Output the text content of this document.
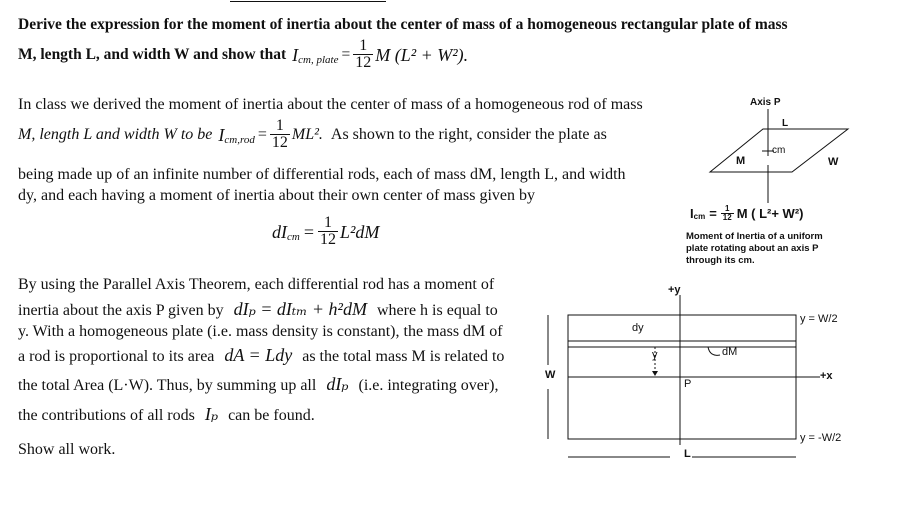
Derive the expression for the moment of inertia about the center of mass of a homogeneous rectangular plate of mass
M, length L, and width W and show that I cm, plate = $\frac{1}{12}$ M (L² + W²).
In class we derived the moment of inertia about the center of mass of a homogeneous rod of mass
M, length L and width W to be I $cm,rod = \frac{1}{12} ML^2$. As shown to the right, consider the plate as
being made up of an infinite number of differential rods, each of mass dM, length L, and width
dy, and each having a moment of inertia about their own center of mass given by
dI cm = $\frac{1}{12} L^2dM$
By using the Parallel Axis Theorem, each differential rod has a moment of
inertia about the axis P given by dIₚ = dIₜₘ + h²dM where h is equal to
y. With a homogeneous plate (i.e. mass density is constant), the mass dM of
a rod is proportional to its area dA = Ldy as the total mass M is related to
the total Area (L·W). Thus, by summing up all dIₚ (i.e. integrating over),
the contributions of all rods Iₚ can be found.
Show all work.
Axis P
L
cm
M	W
I cm = $\frac{1}{12}$ M ( L²+ W²)
Moment of Inertia of a uniform
plate rotating about an axis P
through its cm.
+y
dy
y	dM
W
P
+x
y = W/2
y = -W/2
L
